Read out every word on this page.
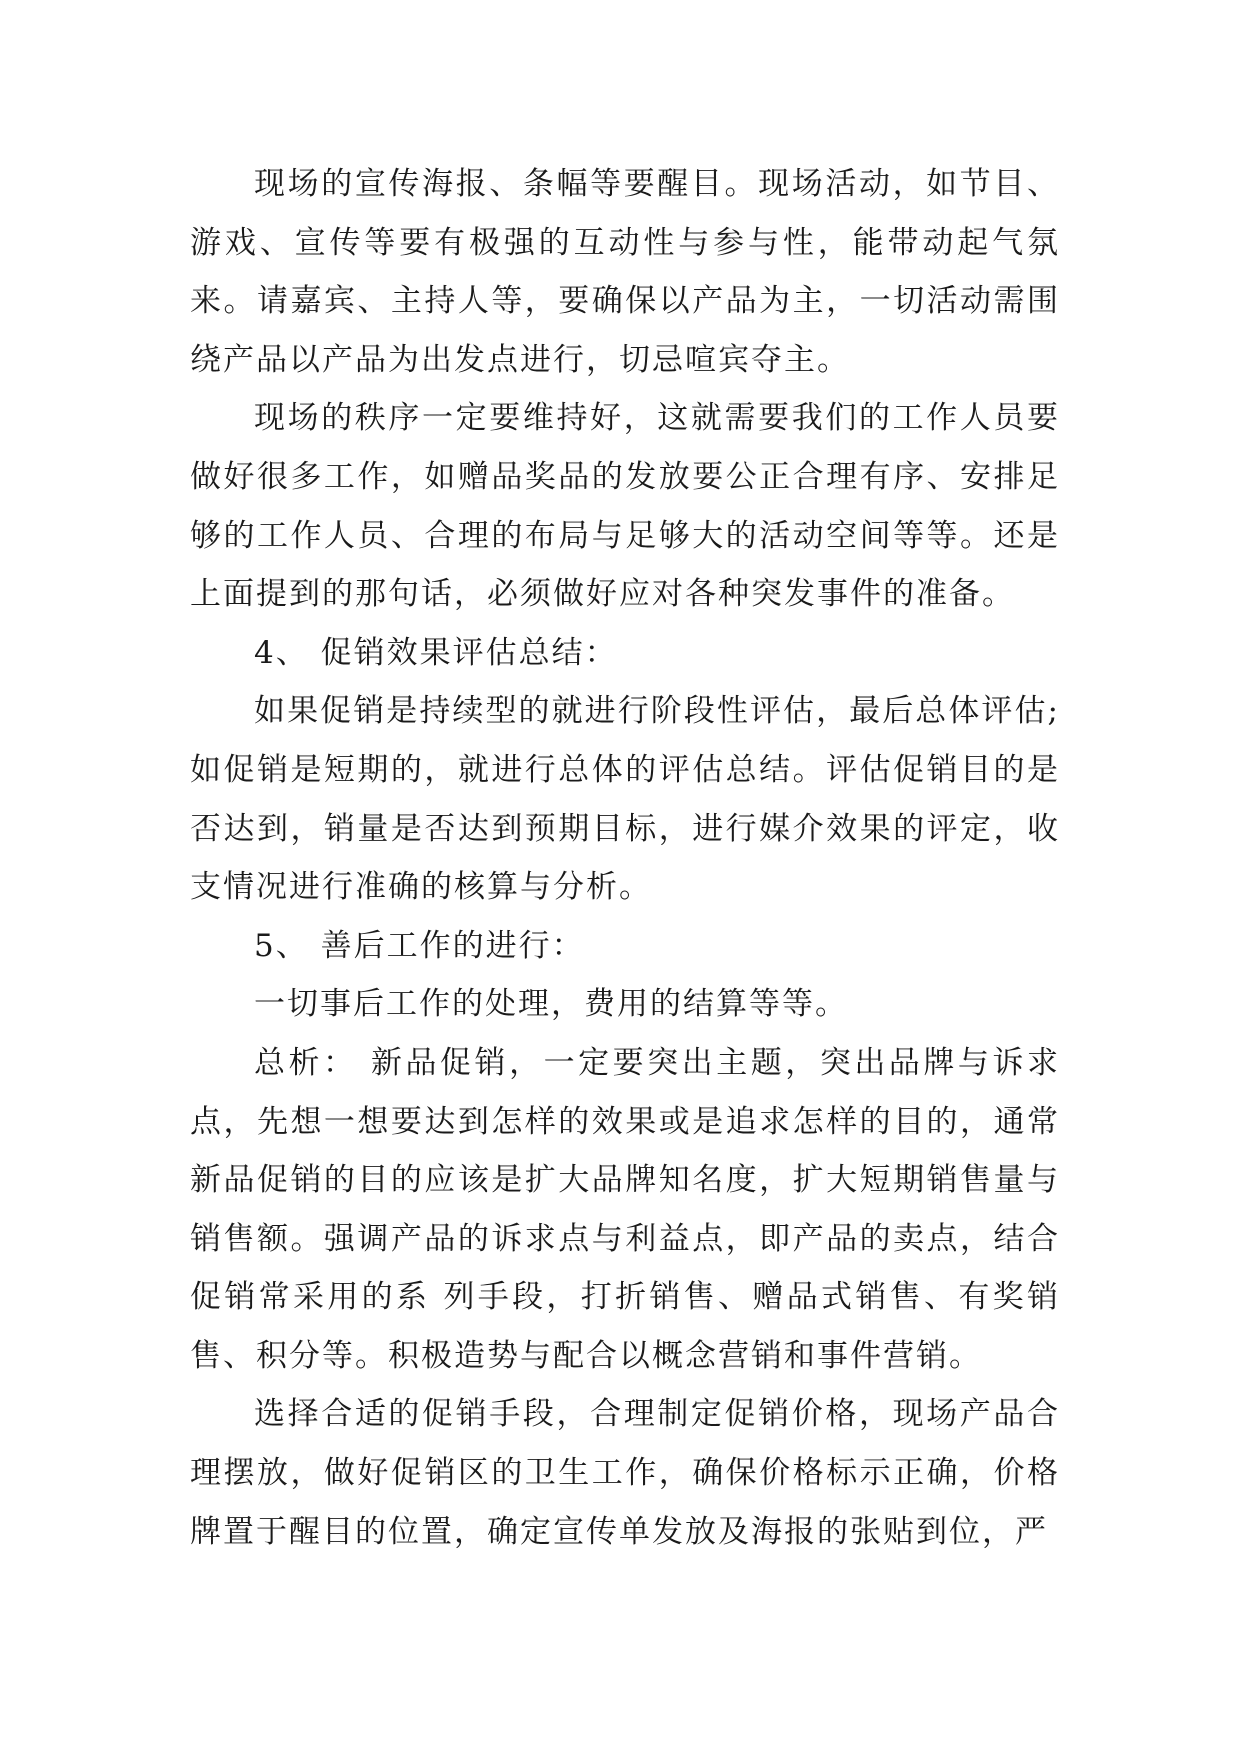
现场的宣传海报、条幅等要醒目。现场活动，如节目、游戏、宣传等要有极强的互动性与参与性，能带动起气氛来。请嘉宾、主持人等，要确保以产品为主，一切活动需围绕产品以产品为出发点进行，切忌喧宾夺主。

现场的秩序一定要维持好，这就需要我们的工作人员要做好很多工作，如赠品奖品的发放要公正合理有序、安排足够的工作人员、合理的布局与足够大的活动空间等等。还是上面提到的那句话，必须做好应对各种突发事件的准备。

4、 促销效果评估总结：

如果促销是持续型的就进行阶段性评估，最后总体评估;如促销是短期的，就进行总体的评估总结。评估促销目的是否达到，销量是否达到预期目标，进行媒介效果的评定，收支情况进行准确的核算与分析。

5、 善后工作的进行：

一切事后工作的处理，费用的结算等等。

总析： 新品促销，一定要突出主题，突出品牌与诉求点，先想一想要达到怎样的效果或是追求怎样的目的，通常新品促销的目的应该是扩大品牌知名度，扩大短期销售量与销售额。强调产品的诉求点与利益点，即产品的卖点，结合促销常采用的系 列手段，打折销售、赠品式销售、有奖销售、积分等。积极造势与配合以概念营销和事件营销。

选择合适的促销手段，合理制定促销价格，现场产品合理摆放，做好促销区的卫生工作，确保价格标示正确，价格牌置于醒目的位置，确定宣传单发放及海报的张贴到位，严
